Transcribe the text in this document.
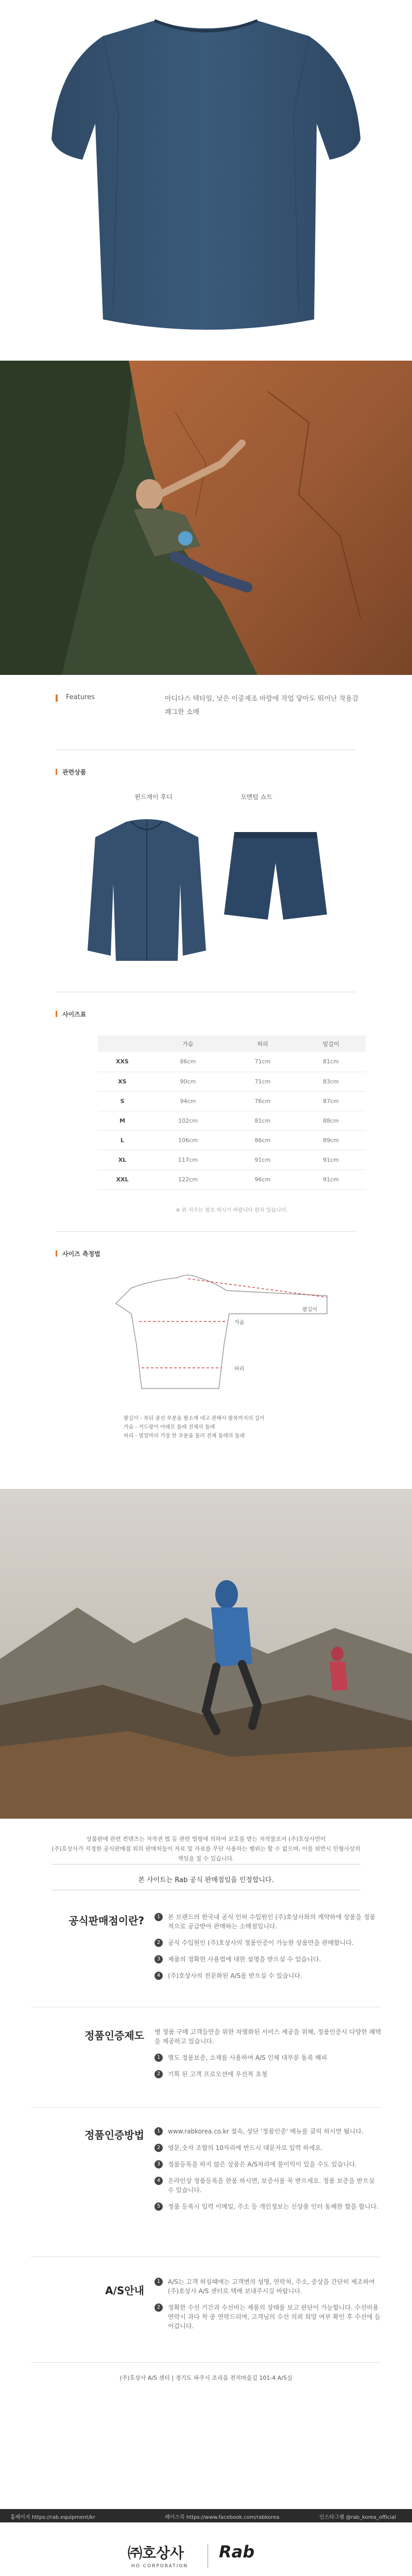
Features	아디다스 텍타일, 낮은 이중제조 바람에 작업 닿아도 뛰어난 착용감 쾌그한 소매
관련상품
윈드재이 후디	모멘텀 쇼트
사이즈표
	가슴	허리	밑길이
XXS	86cm	71cm	81cm
XS	90cm	71cm	83cm
S	94cm	76cm	87cm
M	102cm	81cm	88cm
L	106cm	86cm	89cm
XL	117cm	91cm	91cm
XXL	122cm	96cm	91cm
※ 위 치수는 참조 하시기 바랍니다 편차 있습니다.
사이즈 측정법
팔길이
가슴
허리
팔길이 - 목뒤 중선 부분을 팔소재 네고 관해서 팔목까지의 길이
가슴 - 겨드랑이 아래로 둘레 전체의 둘레
허리 - 옆얼마의 가장 한 부분을 둘러 전체 둘레의 둘레
상품판매 관련 컨텐츠는 저작권 법 등 관련 법령에 의하여 보호를 받는 저작물로서 (주)호상사만이
(주)호상사가 지정한 공식판매점 외의 판매처들이 자료 및 자료를 무단 사용하는 행위는 할 수 없으며, 이를 위반시 민형사상의 책임을 질 수 있습니다.
본 사이트는 Rab 공식 판매점임을 인정합니다.
공식판매점이란?	1	본 브랜드의 한국내 공식 인허 수입원인 (주)호상사와의 계약하에 상품을 정품적으로 공급받아 판매하는 소매점입니다.
2	공식 수입원인 (주)호상사의 정품인증이 가능한 상품만을 판매합니다.
3	제품의 정확한 사용법에 대한 설명을 받으실 수 있습니다.
4	(주)호상사의 전문화된 A/S를 받으실 수 있습니다.
정품인증제도 병 정품 구매 고객들만을 위한 차별화된 서비스 제공을 위해, 정품인증시 다양한 혜택을 제공하고 있습니다.
1	별도 정품보증, 소재를 사용하여 A/S 인체 대부분 동록 해피
2	기획 된 고객 프로모션에 우선적 초청
정품인증방법	1	www.rabkorea.co.kr 접속, 상단 '정품인증' 메뉴를 클릭 하시면 됩니다.
2	영문,숫자 조합의 10자리에 반드시 대문자로 입력 하세요.
3	정품등록을 하지 않은 상품은 A/S처리에 불이익이 있을 수도 있습니다.
4	온라인상 정품등록을 한품 하시면, 보증서를 꼭 받으세요. 정품 보증을 받으실 수 있습니다.
5	정품 등록시 입력 이메일, 주소 등 개인정보는 신상용 인터 동해한 합을 합니다.
A/S안내
1	A/S는 고객 하실때에는 고객변의 성명, 연락처, 주소, 증상을 간단히 제조하여 (주)호상사 A/S 센터로 택배 보내주시길 바랍니다.
2	정확한 수선 기간과 수선비는 제품의 상태를 보고 판단이 가능합니다. 수선비용 연락시 과다 착 중 연락드리며, 고객님의 수선 의뢰 희망 여부 확인 후 수선에 들어갑니다.
(주)호상사 A/S 센터 | 경기도 파주시 조리읍 전지마을길 101-4 A/S실
홈페이지 https://rab.equipment/kr	페이스북 https://www.facebook.com/rabkorea	인스타그램 @rab_korea_official
㈜호상사
HO CORPORATION
Rab
